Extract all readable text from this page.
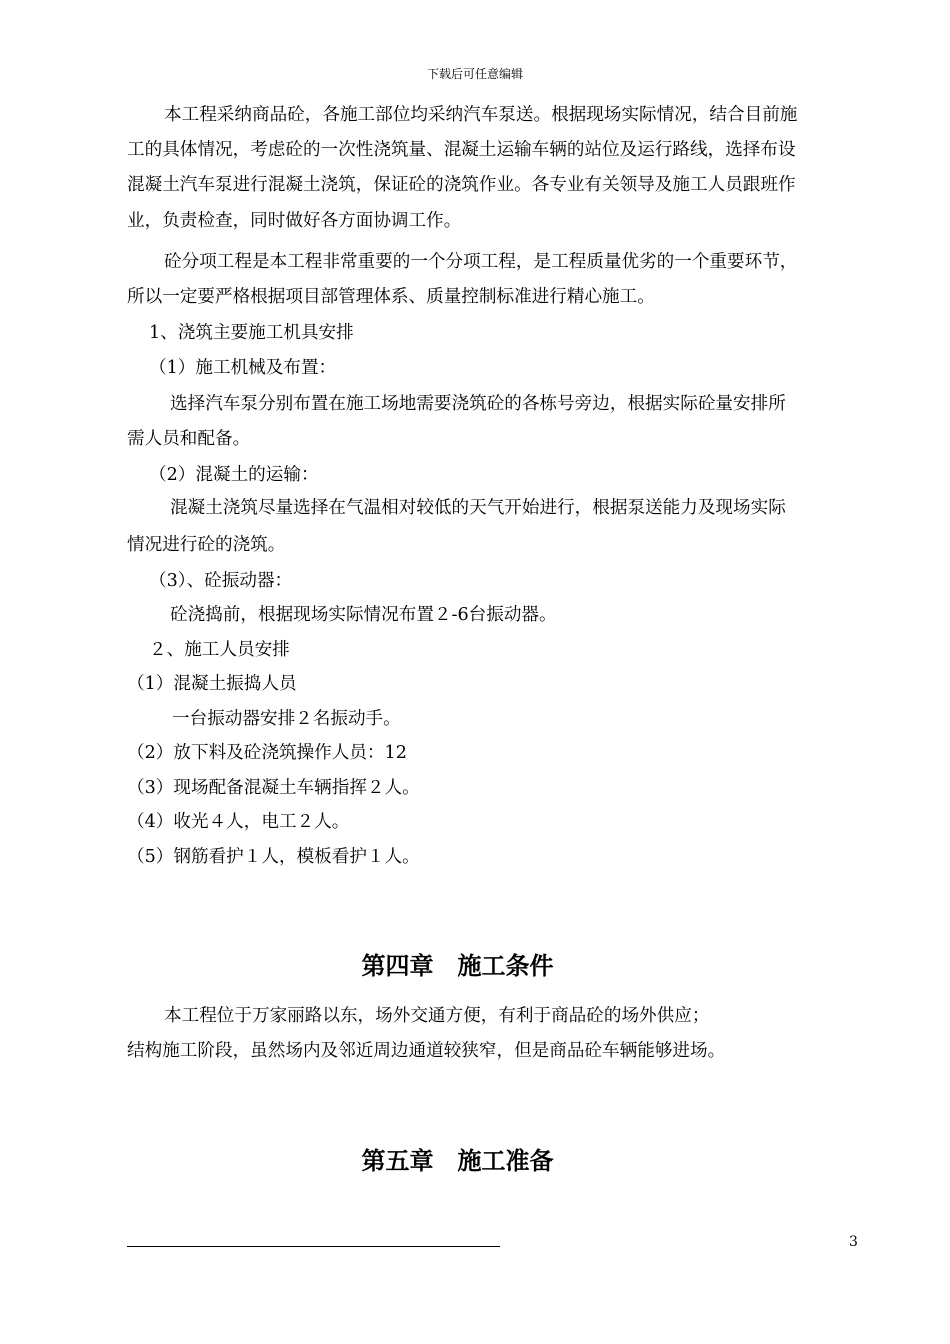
下载后可任意编辑
本工程采纳商品砼，各施工部位均采纳汽车泵送。根据现场实际情况，结合目前施
工的具体情况，考虑砼的一次性浇筑量、混凝土运输车辆的站位及运行路线，选择布设
混凝土汽车泵进行混凝土浇筑，保证砼的浇筑作业。各专业有关领导及施工人员跟班作
业，负责检查，同时做好各方面协调工作。
砼分项工程是本工程非常重要的一个分项工程，是工程质量优劣的一个重要环节，
所以一定要严格根据项目部管理体系、质量控制标准进行精心施工。
1、浇筑主要施工机具安排
（1）施工机械及布置：
选择汽车泵分别布置在施工场地需要浇筑砼的各栋号旁边，根据实际砼量安排所
需人员和配备。
（2）混凝土的运输：
混凝土浇筑尽量选择在气温相对较低的天气开始进行，根据泵送能力及现场实际
情况进行砼的浇筑。
（3）、砼振动器：
砼浇捣前，根据现场实际情况布置２-6台振动器。
２、施工人员安排
（1）混凝土振捣人员
一台振动器安排２名振动手。
（2）放下料及砼浇筑操作人员：12
（3）现场配备混凝土车辆指挥２人。
（4）收光４人，电工２人。
（5）钢筋看护１人，模板看护１人。
第四章　施工条件
本工程位于万家丽路以东，场外交通方便，有利于商品砼的场外供应；
结构施工阶段，虽然场内及邻近周边通道较狭窄，但是商品砼车辆能够进场。
第五章　施工准备
3
